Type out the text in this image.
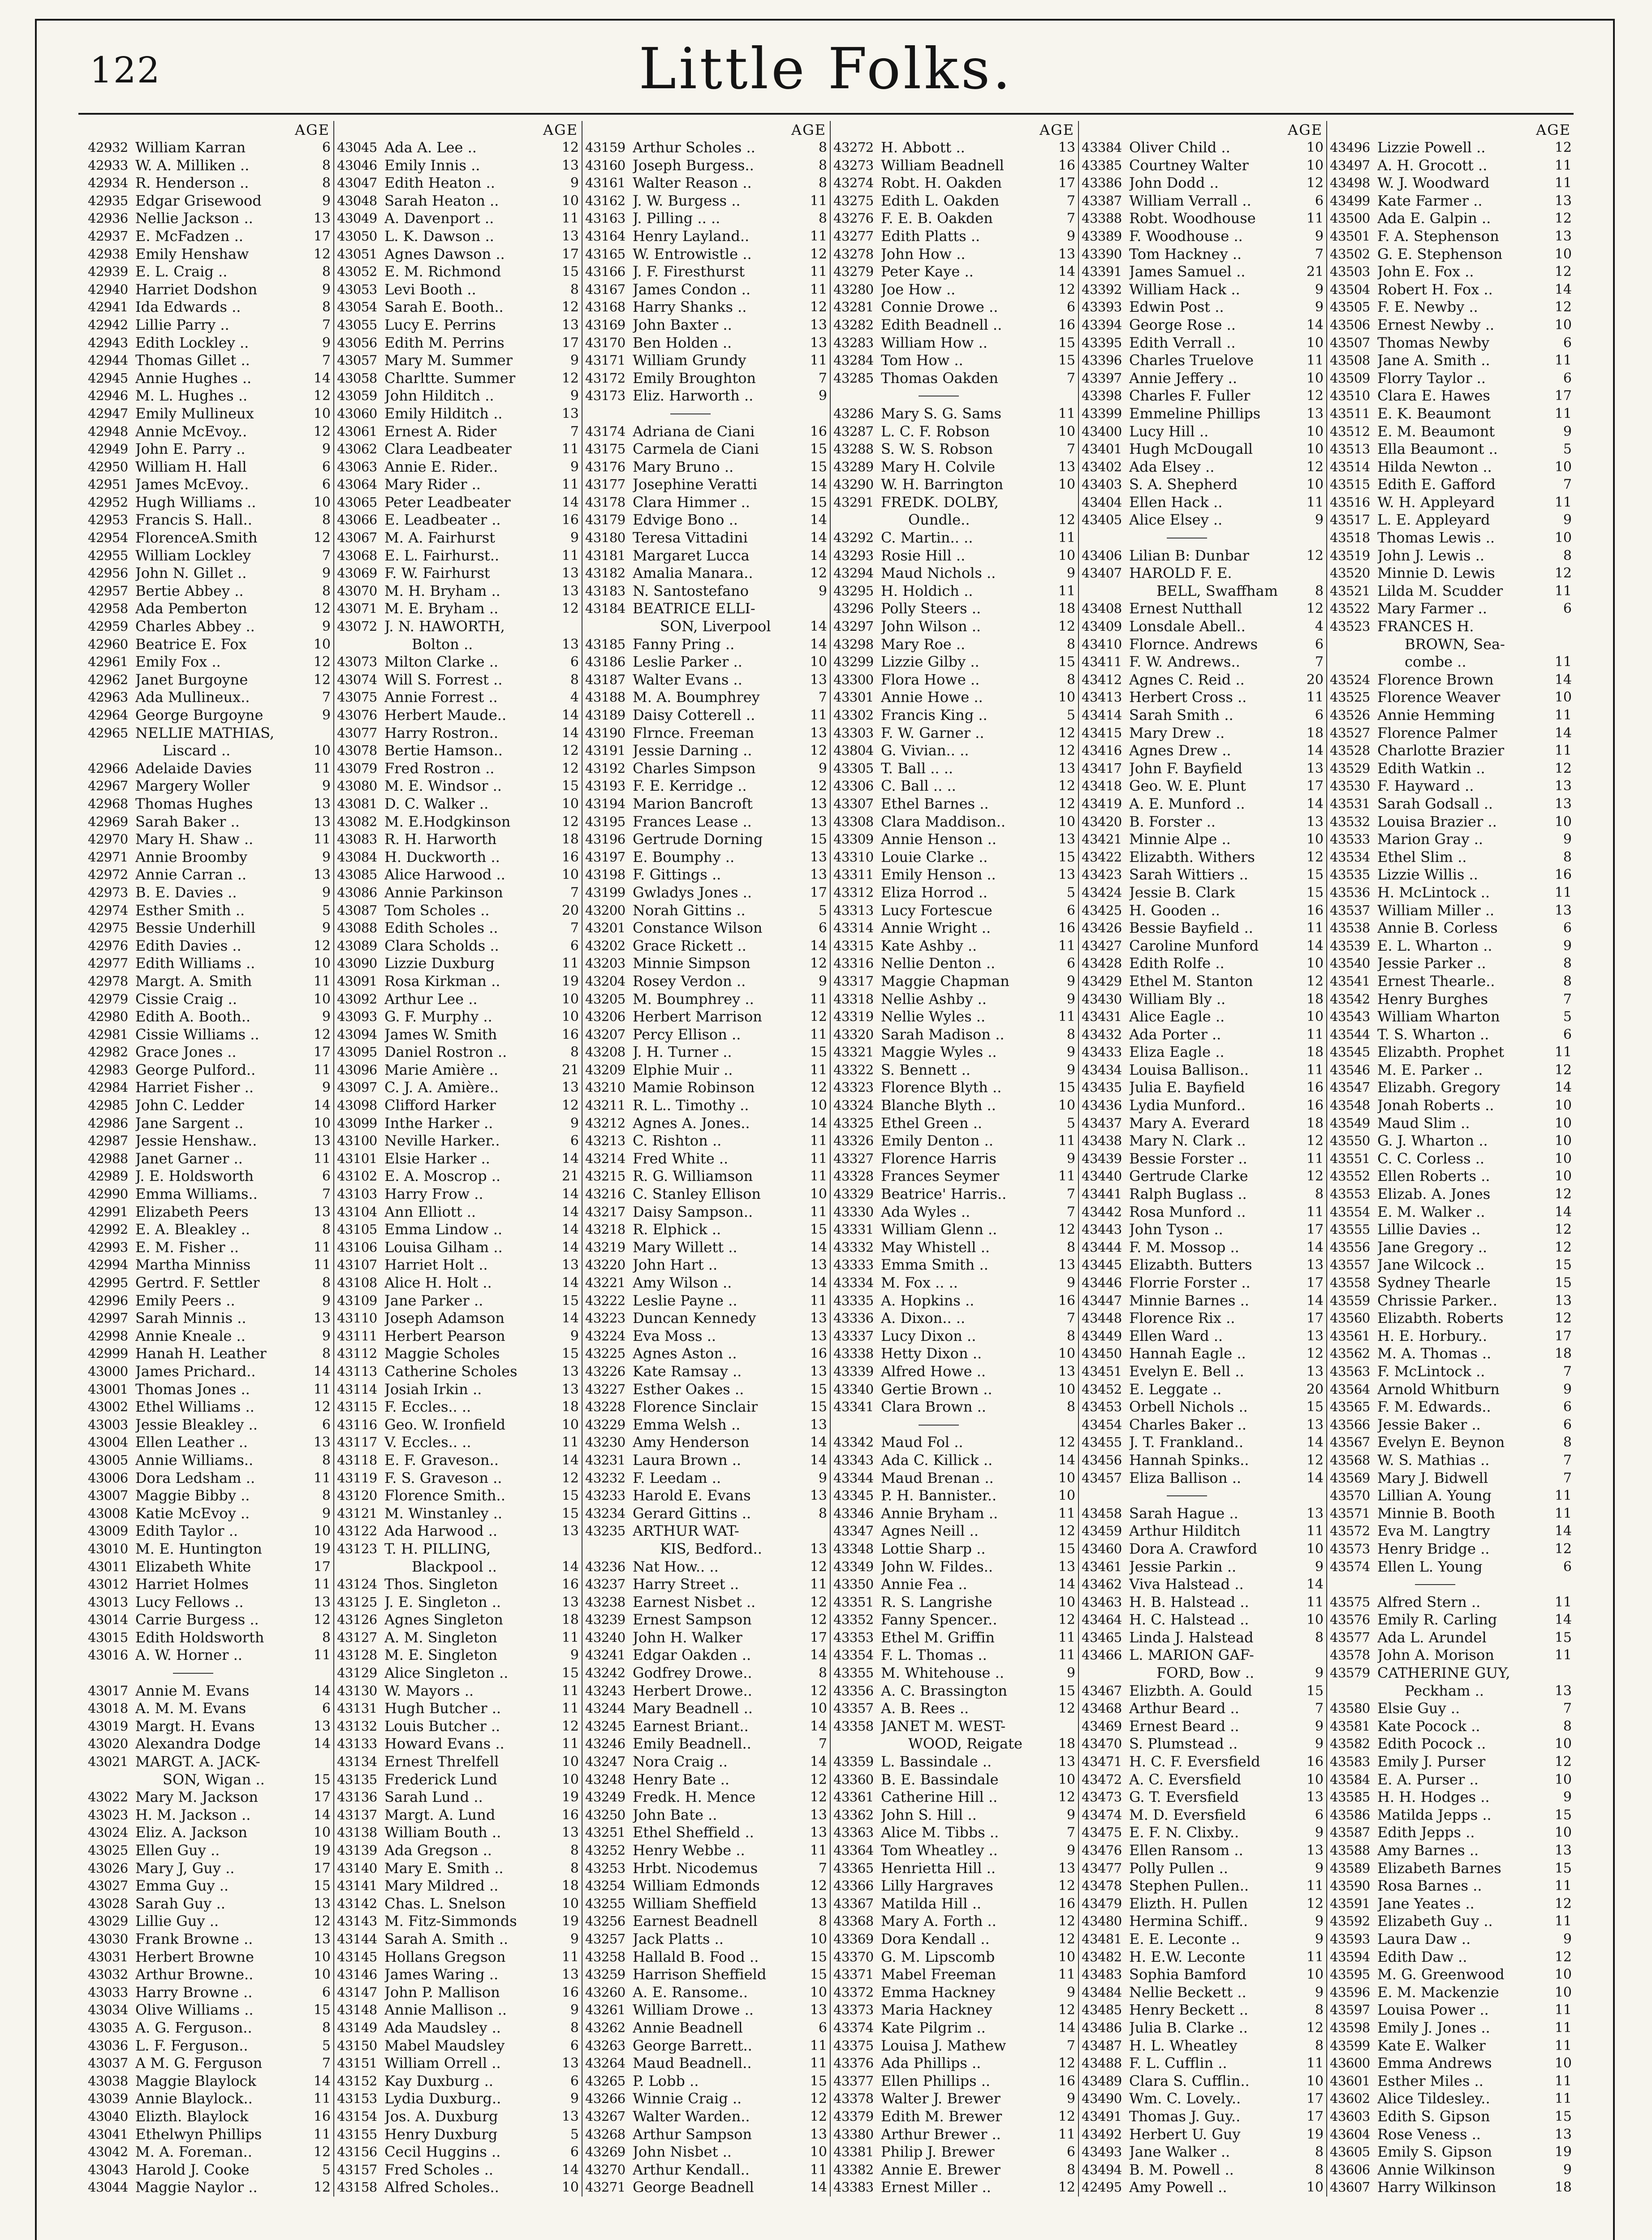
122	Little Folks.
AGE
42932 William Karran	6
42933 W. A. Milliken ..	8
42934 R. Henderson ..	8
42935 Edgar Grisewood	9
42936 Nellie Jackson ..	13
42937 E. McFadzen ..	17
42938 Emily Henshaw	12
42939 E. L. Craig ..	8
42940 Harriet Dodshon	9
42941 Ida Edwards ..	8
42942 Lillie Parry ..	7
42943 Edith Lockley ..	9
42944 Thomas Gillet ..	7
42945 Annie Hughes ..	14
42946 M. L. Hughes ..	12
42947 Emily Mullineux	10
42948 Annie McEvoy..	12
42949 John E. Parry ..	9
42950 William H. Hall	6
42951 James McEvoy..	6
42952 Hugh Williams ..	10
42953 Francis S. Hall..	8
42954 FlorenceA.Smith	12
42955 William Lockley	7
42956 John N. Gillet ..	9
42957 Bertie Abbey ..	8
42958 Ada Pemberton	12
42959 Charles Abbey ..	9
42960 Beatrice E. Fox	10
42961 Emily Fox ..	12
42962 Janet Burgoyne	12
42963 Ada Mullineux..	7
42964 George Burgoyne	9
42965 NELLIE MATHIAS,
Liscard ..	10
42966 Adelaide Davies	11
42967 Margery Woller	9
42968 Thomas Hughes	13
42969 Sarah Baker ..	13
42970 Mary H. Shaw ..	11
42971 Annie Broomby	9
42972 Annie Carran ..	13
42973 B. E. Davies ..	9
42974 Esther Smith ..	5
42975 Bessie Underhill	9
42976 Edith Davies ..	12
42977 Edith Williams ..	10
42978 Margt. A. Smith	11
42979 Cissie Craig ..	10
42980 Edith A. Booth..	9
42981 Cissie Williams ..	12
42982 Grace Jones ..	17
42983 George Pulford..	11
42984 Harriet Fisher ..	9
42985 John C. Ledder	14
42986 Jane Sargent ..	10
42987 Jessie Henshaw..	13
42988 Janet Garner ..	11
42989 J. E. Holdsworth	6
42990 Emma Williams..	7
42991 Elizabeth Peers	13
42992 E. A. Bleakley ..	8
42993 E. M. Fisher ..	11
42994 Martha Minniss	11
42995 Gertrd. F. Settler	8
42996 Emily Peers ..	9
42997 Sarah Minnis ..	13
42998 Annie Kneale ..	9
42999 Hanah H. Leather	8
43000 James Prichard..	14
43001 Thomas Jones ..	11
43002 Ethel Williams ..	12
43003 Jessie Bleakley ..	6
43004 Ellen Leather ..	13
43005 Annie Williams..	8
43006 Dora Ledsham ..	11
43007 Maggie Bibby ..	8
43008 Katie McEvoy ..	9
43009 Edith Taylor ..	10
43010 M. E. Huntington	19
43011 Elizabeth White	17
43012 Harriet Holmes	11
43013 Lucy Fellows ..	13
43014 Carrie Burgess ..	12
43015 Edith Holdsworth	8
43016 A. W. Horner ..	11
43017 Annie M. Evans	14
43018 A. M. M. Evans	6
43019 Margt. H. Evans	13
43020 Alexandra Dodge	14
43021 MARGT. A. JACK-
SON, Wigan ..	15
43022 Mary M. Jackson	17
43023 H. M. Jackson ..	14
43024 Eliz. A. Jackson	10
43025 Ellen Guy ..	19
43026 Mary J, Guy ..	17
43027 Emma Guy ..	15
43028 Sarah Guy ..	13
43029 Lillie Guy ..	12
43030 Frank Browne ..	13
43031 Herbert Browne	10
43032 Arthur Browne..	10
43033 Harry Browne ..	6
43034 Olive Williams ..	15
43035 A. G. Ferguson..	8
43036 L. F. Ferguson..	5
43037 A M. G. Ferguson	7
43038 Maggie Blaylock	14
43039 Annie Blaylock..	11
43040 Elizth. Blaylock	16
43041 Ethelwyn Phillips	11
43042 M. A. Foreman..	12
43043 Harold J. Cooke	5
43044 Maggie Naylor ..	12
AGE
43045 Ada A. Lee ..	12
43046 Emily Innis ..	13
43047 Edith Heaton ..	9
43048 Sarah Heaton ..	10
43049 A. Davenport ..	11
43050 L. K. Dawson ..	13
43051 Agnes Dawson ..	17
43052 E. M. Richmond	15
43053 Levi Booth ..	8
43054 Sarah E. Booth..	12
43055 Lucy E. Perrins	13
43056 Edith M. Perrins	17
43057 Mary M. Summer	9
43058 Charltte. Summer	12
43059 John Hilditch ..	9
43060 Emily Hilditch ..	13
43061 Ernest A. Rider	7
43062 Clara Leadbeater	11
43063 Annie E. Rider..	9
43064 Mary Rider ..	11
43065 Peter Leadbeater	14
43066 E. Leadbeater ..	16
43067 M. A. Fairhurst	9
43068 E. L. Fairhurst..	11
43069 F. W. Fairhurst	13
43070 M. H. Bryham ..	13
43071 M. E. Bryham ..	12
43072 J. N. HAWORTH,
Bolton ..	13
43073 Milton Clarke ..	6
43074 Will S. Forrest ..	8
43075 Annie Forrest ..	4
43076 Herbert Maude..	14
43077 Harry Rostron..	14
43078 Bertie Hamson..	12
43079 Fred Rostron ..	12
43080 M. E. Windsor ..	15
43081 D. C. Walker ..	10
43082 M. E.Hodgkinson	12
43083 R. H. Harworth	18
43084 H. Duckworth ..	16
43085 Alice Harwood ..	10
43086 Annie Parkinson	7
43087 Tom Scholes ..	20
43088 Edith Scholes ..	7
43089 Clara Scholds ..	6
43090 Lizzie Duxburg	11
43091 Rosa Kirkman ..	19
43092 Arthur Lee ..	10
43093 G. F. Murphy ..	10
43094 James W. Smith	16
43095 Daniel Rostron ..	8
43096 Marie Amière ..	21
43097 C. J. A. Amière..	13
43098 Clifford Harker	12
43099 Inthe Harker ..	9
43100 Neville Harker..	6
43101 Elsie Harker ..	14
43102 E. A. Moscrop ..	21
43103 Harry Frow ..	14
43104 Ann Elliott ..	14
43105 Emma Lindow ..	14
43106 Louisa Gilham ..	14
43107 Harriet Holt ..	13
43108 Alice H. Holt ..	14
43109 Jane Parker ..	15
43110 Joseph Adamson	14
43111 Herbert Pearson	9
43112 Maggie Scholes	15
43113 Catherine Scholes	13
43114 Josiah Irkin ..	13
43115 F. Eccles.. ..	18
43116 Geo. W. Ironfield	10
43117 V. Eccles.. ..	11
43118 E. F. Graveson..	14
43119 F. S. Graveson ..	12
43120 Florence Smith..	15
43121 M. Winstanley ..	15
43122 Ada Harwood ..	13
43123 T. H. PILLING,
Blackpool ..	14
43124 Thos. Singleton	16
43125 J. E. Singleton ..	13
43126 Agnes Singleton	18
43127 A. M. Singleton	11
43128 M. E. Singleton	9
43129 Alice Singleton ..	15
43130 W. Mayors ..	11
43131 Hugh Butcher ..	11
43132 Louis Butcher ..	12
43133 Howard Evans ..	11
43134 Ernest Threlfell	10
43135 Frederick Lund	10
43136 Sarah Lund ..	19
43137 Margt. A. Lund	16
43138 William Bouth ..	13
43139 Ada Gregson ..	8
43140 Mary E. Smith ..	8
43141 Mary Mildred ..	18
43142 Chas. L. Snelson	10
43143 M. Fitz-Simmonds	19
43144 Sarah A. Smith ..	9
43145 Hollans Gregson	11
43146 James Waring ..	13
43147 John P. Mallison	16
43148 Annie Mallison ..	9
43149 Ada Maudsley ..	8
43150 Mabel Maudsley	6
43151 William Orrell ..	13
43152 Kay Duxburg ..	6
43153 Lydia Duxburg..	9
43154 Jos. A. Duxburg	13
43155 Henry Duxburg	5
43156 Cecil Huggins ..	6
43157 Fred Scholes ..	14
43158 Alfred Scholes..	10
AGE
43159 Arthur Scholes ..	8
43160 Joseph Burgess..	8
43161 Walter Reason ..	8
43162 J. W. Burgess ..	11
43163 J. Pilling .. ..	8
43164 Henry Layland..	11
43165 W. Entrowistle ..	12
43166 J. F. Firesthurst	11
43167 James Condon ..	11
43168 Harry Shanks ..	12
43169 John Baxter ..	13
43170 Ben Holden ..	13
43171 William Grundy	11
43172 Emily Broughton	7
43173 Eliz. Harworth ..	9
43174 Adriana de Ciani	16
43175 Carmela de Ciani	15
43176 Mary Bruno ..	15
43177 Josephine Veratti	14
43178 Clara Himmer ..	15
43179 Edvige Bono ..	14
43180 Teresa Vittadini	14
43181 Margaret Lucca	14
43182 Amalia Manara..	12
43183 N. Santostefano	9
43184 BEATRICE ELLI-
SON, Liverpool	14
43185 Fanny Pring ..	14
43186 Leslie Parker ..	10
43187 Walter Evans ..	13
43188 M. A. Boumphrey	7
43189 Daisy Cotterell ..	11
43190 Flrnce. Freeman	13
43191 Jessie Darning ..	12
43192 Charles Simpson	9
43193 F. E. Kerridge ..	12
43194 Marion Bancroft	13
43195 Frances Lease ..	13
43196 Gertrude Dorning	15
43197 E. Boumphy ..	13
43198 F. Gittings ..	13
43199 Gwladys Jones ..	17
43200 Norah Gittins ..	5
43201 Constance Wilson	6
43202 Grace Rickett ..	14
43203 Minnie Simpson	12
43204 Rosey Verdon ..	9
43205 M. Boumphrey ..	11
43206 Herbert Marrison	12
43207 Percy Ellison ..	11
43208 J. H. Turner ..	15
43209 Elphie Muir ..	11
43210 Mamie Robinson	12
43211 R. L.. Timothy ..	10
43212 Agnes A. Jones..	14
43213 C. Rishton ..	11
43214 Fred White ..	11
43215 R. G. Williamson	11
43216 C. Stanley Ellison	10
43217 Daisy Sampson..	11
43218 R. Elphick ..	15
43219 Mary Willett ..	14
43220 John Hart ..	13
43221 Amy Wilson ..	14
43222 Leslie Payne ..	11
43223 Duncan Kennedy	13
43224 Eva Moss ..	13
43225 Agnes Aston ..	16
43226 Kate Ramsay ..	13
43227 Esther Oakes ..	15
43228 Florence Sinclair	15
43229 Emma Welsh ..	13
43230 Amy Henderson	14
43231 Laura Brown ..	14
43232 F. Leedam ..	9
43233 Harold E. Evans	13
43234 Gerard Gittins ..	8
43235 ARTHUR WAT-
KIS, Bedford..	13
43236 Nat How.. ..	12
43237 Harry Street ..	11
43238 Earnest Nisbet ..	12
43239 Ernest Sampson	12
43240 John H. Walker	17
43241 Edgar Oakden ..	14
43242 Godfrey Drowe..	8
43243 Herbert Drowe..	12
43244 Mary Beadnell ..	10
43245 Earnest Briant..	14
43246 Emily Beadnell..	7
43247 Nora Craig ..	14
43248 Henry Bate ..	12
43249 Fredk. H. Mence	12
43250 John Bate ..	13
43251 Ethel Sheffield ..	13
43252 Henry Webbe ..	11
43253 Hrbt. Nicodemus	7
43254 William Edmonds	12
43255 William Sheffield	13
43256 Earnest Beadnell	8
43257 Jack Platts ..	10
43258 Hallald B. Food ..	15
43259 Harrison Sheffield	15
43260 A. E. Ransome..	10
43261 William Drowe ..	13
43262 Annie Beadnell	6
43263 George Barrett..	11
43264 Maud Beadnell..	11
43265 P. Lobb ..	15
43266 Winnie Craig ..	12
43267 Walter Warden..	12
43268 Arthur Sampson	13
43269 John Nisbet ..	10
43270 Arthur Kendall..	11
43271 George Beadnell	14
AGE
43272 H. Abbott ..	13
43273 William Beadnell	16
43274 Robt. H. Oakden	17
43275 Edith L. Oakden	7
43276 F. E. B. Oakden	7
43277 Edith Platts ..	9
43278 John How ..	13
43279 Peter Kaye ..	14
43280 Joe How ..	12
43281 Connie Drowe ..	6
43282 Edith Beadnell ..	16
43283 William How ..	15
43284 Tom How ..	15
43285 Thomas Oakden	7
43286 Mary S. G. Sams	11
43287 L. C. F. Robson	10
43288 S. W. S. Robson	7
43289 Mary H. Colvile	13
43290 W. H. Barrington	10
43291 FREDK. DOLBY,
Oundle..	12
43292 C. Martin.. ..	11
43293 Rosie Hill ..	10
43294 Maud Nichols ..	9
43295 H. Holdich ..	11
43296 Polly Steers ..	18
43297 John Wilson ..	12
43298 Mary Roe ..	8
43299 Lizzie Gilby ..	15
43300 Flora Howe ..	8
43301 Annie Howe ..	10
43302 Francis King ..	5
43303 F. W. Garner ..	12
43804 G. Vivian.. ..	12
43305 T. Ball .. ..	13
43306 C. Ball .. ..	12
43307 Ethel Barnes ..	12
43308 Clara Maddison..	10
43309 Annie Henson ..	13
43310 Louie Clarke ..	15
43311 Emily Henson ..	13
43312 Eliza Horrod ..	5
43313 Lucy Fortescue	6
43314 Annie Wright ..	16
43315 Kate Ashby ..	11
43316 Nellie Denton ..	6
43317 Maggie Chapman	9
43318 Nellie Ashby ..	9
43319 Nellie Wyles ..	11
43320 Sarah Madison ..	8
43321 Maggie Wyles ..	9
43322 S. Bennett ..	9
43323 Florence Blyth ..	15
43324 Blanche Blyth ..	10
43325 Ethel Green ..	5
43326 Emily Denton ..	11
43327 Florence Harris	9
43328 Frances Seymer	11
43329 Beatrice' Harris..	7
43330 Ada Wyles ..	7
43331 William Glenn ..	12
43332 May Whistell ..	8
43333 Emma Smith ..	13
43334 M. Fox .. ..	9
43335 A. Hopkins ..	16
43336 A. Dixon.. ..	7
43337 Lucy Dixon ..	8
43338 Hetty Dixon ..	10
43339 Alfred Howe ..	13
43340 Gertie Brown ..	10
43341 Clara Brown ..	8
43342 Maud Fol ..	12
43343 Ada C. Killick ..	14
43344 Maud Brenan ..	10
43345 P. H. Bannister..	10
43346 Annie Bryham ..	11
43347 Agnes Neill ..	12
43348 Lottie Sharp ..	15
43349 John W. Fildes..	13
43350 Annie Fea ..	14
43351 R. S. Langrishe	10
43352 Fanny Spencer..	12
43353 Ethel M. Griffin	11
43354 F. L. Thomas ..	11
43355 M. Whitehouse ..	9
43356 A. C. Brassington	15
43357 A. B. Rees ..	12
43358 JANET M. WEST-
WOOD, Reigate	18
43359 L. Bassindale ..	13
43360 B. E. Bassindale	10
43361 Catherine Hill ..	12
43362 John S. Hill ..	9
43363 Alice M. Tibbs ..	7
43364 Tom Wheatley ..	9
43365 Henrietta Hill ..	13
43366 Lilly Hargraves	12
43367 Matilda Hill ..	16
43368 Mary A. Forth ..	12
43369 Dora Kendall ..	12
43370 G. M. Lipscomb	10
43371 Mabel Freeman	11
43372 Emma Hackney	9
43373 Maria Hackney	12
43374 Kate Pilgrim ..	14
43375 Louisa J. Mathew	7
43376 Ada Phillips ..	12
43377 Ellen Phillips ..	16
43378 Walter J. Brewer	9
43379 Edith M. Brewer	12
43380 Arthur Brewer ..	11
43381 Philip J. Brewer	6
43382 Annie E. Brewer	8
43383 Ernest Miller ..	12
AGE
43384 Oliver Child ..	10
43385 Courtney Walter	10
43386 John Dodd ..	12
43387 William Verrall ..	6
43388 Robt. Woodhouse	11
43389 F. Woodhouse ..	9
43390 Tom Hackney ..	7
43391 James Samuel ..	21
43392 William Hack ..	9
43393 Edwin Post ..	9
43394 George Rose ..	14
43395 Edith Verrall ..	10
43396 Charles Truelove	11
43397 Annie Jeffery ..	10
43398 Charles F. Fuller	12
43399 Emmeline Phillips	13
43400 Lucy Hill ..	10
43401 Hugh McDougall	10
43402 Ada Elsey ..	12
43403 S. A. Shepherd	10
43404 Ellen Hack ..	11
43405 Alice Elsey ..	9
43406 Lilian B: Dunbar	12
43407 HAROLD F. E.
BELL, Swaffham	8
43408 Ernest Nutthall	12
43409 Lonsdale Abell..	4
43410 Flornce. Andrews	6
43411 F. W. Andrews..	7
43412 Agnes C. Reid ..	20
43413 Herbert Cross ..	11
43414 Sarah Smith ..	6
43415 Mary Drew ..	18
43416 Agnes Drew ..	14
43417 John F. Bayfield	13
43418 Geo. W. E. Plunt	17
43419 A. E. Munford ..	14
43420 B. Forster ..	13
43421 Minnie Alpe ..	10
43422 Elizabth. Withers	12
43423 Sarah Wittiers ..	15
43424 Jessie B. Clark	15
43425 H. Gooden ..	16
43426 Bessie Bayfield ..	11
43427 Caroline Munford	14
43428 Edith Rolfe ..	10
43429 Ethel M. Stanton	12
43430 William Bly ..	18
43431 Alice Eagle ..	10
43432 Ada Porter ..	11
43433 Eliza Eagle ..	18
43434 Louisa Ballison..	11
43435 Julia E. Bayfield	16
43436 Lydia Munford..	16
43437 Mary A. Everard	18
43438 Mary N. Clark ..	12
43439 Bessie Forster ..	11
43440 Gertrude Clarke	12
43441 Ralph Buglass ..	8
43442 Rosa Munford ..	11
43443 John Tyson ..	17
43444 F. M. Mossop ..	14
43445 Elizabth. Butters	13
43446 Florrie Forster ..	17
43447 Minnie Barnes ..	14
43448 Florence Rix ..	17
43449 Ellen Ward ..	13
43450 Hannah Eagle ..	12
43451 Evelyn E. Bell ..	13
43452 E. Leggate ..	20
43453 Orbell Nichols ..	15
43454 Charles Baker ..	13
43455 J. T. Frankland..	14
43456 Hannah Spinks..	12
43457 Eliza Ballison ..	14
43458 Sarah Hague ..	13
43459 Arthur Hilditch	11
43460 Dora A. Crawford	10
43461 Jessie Parkin ..	9
43462 Viva Halstead ..	14
43463 H. B. Halstead ..	11
43464 H. C. Halstead ..	10
43465 Linda J. Halstead	8
43466 L. MARION GAF-
FORD, Bow ..	9
43467 Elizbth. A. Gould	15
43468 Arthur Beard ..	7
43469 Ernest Beard ..	9
43470 S. Plumstead ..	9
43471 H. C. F. Eversfield	16
43472 A. C. Eversfield	10
43473 G. T. Eversfield	13
43474 M. D. Eversfield	6
43475 E. F. N. Clixby..	9
43476 Ellen Ransom ..	13
43477 Polly Pullen ..	9
43478 Stephen Pullen..	11
43479 Elizth. H. Pullen	12
43480 Hermina Schiff..	9
43481 E. E. Leconte ..	9
43482 H. E.W. Leconte	11
43483 Sophia Bamford	10
43484 Nellie Beckett ..	9
43485 Henry Beckett ..	8
43486 Julia B. Clarke ..	12
43487 H. L. Wheatley	8
43488 F. L. Cufflin ..	11
43489 Clara S. Cufflin..	10
43490 Wm. C. Lovely..	17
43491 Thomas J. Guy..	17
43492 Herbert U. Guy	19
43493 Jane Walker ..	8
43494 B. M. Powell ..	8
42495 Amy Powell ..	10
AGE
43496 Lizzie Powell ..	12
43497 A. H. Grocott ..	11
43498 W. J. Woodward	11
43499 Kate Farmer ..	13
43500 Ada E. Galpin ..	12
43501 F. A. Stephenson	13
43502 G. E. Stephenson	10
43503 John E. Fox ..	12
43504 Robert H. Fox ..	14
43505 F. E. Newby ..	12
43506 Ernest Newby ..	10
43507 Thomas Newby	6
43508 Jane A. Smith ..	11
43509 Florry Taylor ..	6
43510 Clara E. Hawes	17
43511 E. K. Beaumont	11
43512 E. M. Beaumont	9
43513 Ella Beaumont ..	5
43514 Hilda Newton ..	10
43515 Edith E. Gafford	7
43516 W. H. Appleyard	11
43517 L. E. Appleyard	9
43518 Thomas Lewis ..	10
43519 John J. Lewis ..	8
43520 Minnie D. Lewis	12
43521 Lilda M. Scudder	11
43522 Mary Farmer ..	6
43523 FRANCES H.
BROWN, Sea-
combe ..	11
43524 Florence Brown	14
43525 Florence Weaver	10
43526 Annie Hemming	11
43527 Florence Palmer	14
43528 Charlotte Brazier	11
43529 Edith Watkin ..	12
43530 F. Hayward ..	13
43531 Sarah Godsall ..	13
43532 Louisa Brazier ..	10
43533 Marion Gray ..	9
43534 Ethel Slim ..	8
43535 Lizzie Willis ..	16
43536 H. McLintock ..	11
43537 William Miller ..	13
43538 Annie B. Corless	6
43539 E. L. Wharton ..	9
43540 Jessie Parker ..	8
43541 Ernest Thearle..	8
43542 Henry Burghes	7
43543 William Wharton	5
43544 T. S. Wharton ..	6
43545 Elizabth. Prophet	11
43546 M. E. Parker ..	12
43547 Elizabh. Gregory	14
43548 Jonah Roberts ..	10
43549 Maud Slim ..	10
43550 G. J. Wharton ..	10
43551 C. C. Corless ..	10
43552 Ellen Roberts ..	10
43553 Elizab. A. Jones	12
43554 E. M. Walker ..	14
43555 Lillie Davies ..	12
43556 Jane Gregory ..	12
43557 Jane Wilcock ..	15
43558 Sydney Thearle	15
43559 Chrissie Parker..	13
43560 Elizabth. Roberts	12
43561 H. E. Horbury..	17
43562 M. A. Thomas ..	18
43563 F. McLintock ..	7
43564 Arnold Whitburn	9
43565 F. M. Edwards..	6
43566 Jessie Baker ..	6
43567 Evelyn E. Beynon	8
43568 W. S. Mathias ..	7
43569 Mary J. Bidwell	7
43570 Lillian A. Young	11
43571 Minnie B. Booth	11
43572 Eva M. Langtry	14
43573 Henry Bridge ..	12
43574 Ellen L. Young	6
43575 Alfred Stern ..	11
43576 Emily R. Carling	14
43577 Ada L. Arundel	15
43578 John A. Morison	11
43579 CATHERINE GUY,
Peckham ..	13
43580 Elsie Guy ..	7
43581 Kate Pocock ..	8
43582 Edith Pocock ..	10
43583 Emily J. Purser	12
43584 E. A. Purser ..	10
43585 H. H. Hodges ..	9
43586 Matilda Jepps ..	15
43587 Edith Jepps ..	10
43588 Amy Barnes ..	13
43589 Elizabeth Barnes	15
43590 Rosa Barnes ..	11
43591 Jane Yeates ..	12
43592 Elizabeth Guy ..	11
43593 Laura Daw ..	9
43594 Edith Daw ..	12
43595 M. G. Greenwood	10
43596 E. M. Mackenzie	10
43597 Louisa Power ..	11
43598 Emily J. Jones ..	11
43599 Kate E. Walker	11
43600 Emma Andrews	10
43601 Esther Miles ..	11
43602 Alice Tildesley..	11
43603 Edith S. Gipson	15
43604 Rose Veness ..	13
43605 Emily S. Gipson	19
43606 Annie Wilkinson	9
43607 Harry Wilkinson	18
